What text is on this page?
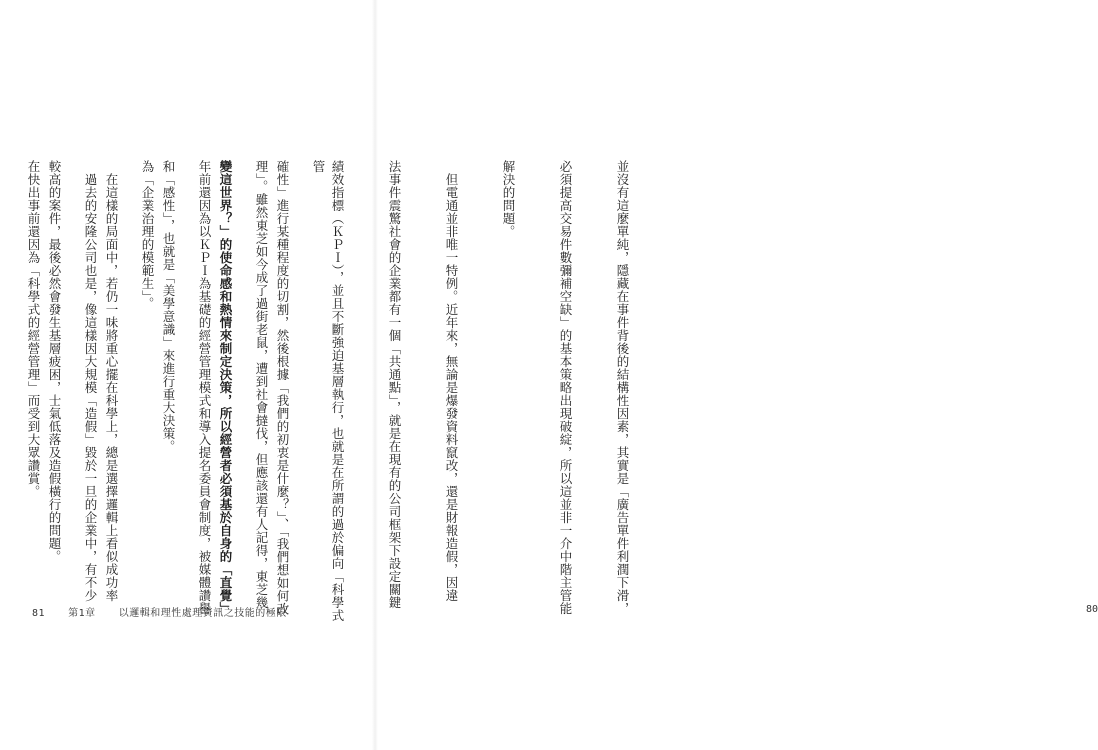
確性」進行某種程度的切割，然後根據「我們的初衷是什麼？」、「我們想如何改

變這世界？」的使命感和熱情來制定決策，所以經營者必須基於自身的「直覺」

和「感性」，也就是「美學意識」來進行重大決策。

　在這樣的局面中，若仍一味將重心擺在科學上，總是選擇邏輯上看似成功率

較高的案件，最後必然會發生基層疲困，士氣低落及造假橫行的問題。

81 第1章 以邏輯和理性處理資訊之技能的極限

	並沒有這麼單純，隱藏在事件背後的結構性因素，其實是「廣告單件利潤下滑，

必須提高交易件數彌補空缺」的基本策略出現破綻，所以這並非一介中階主管能

解決的問題。

　但電通並非唯一特例。近年來，無論是爆發資料竄改，還是財報造假，因違

法事件震驚社會的企業都有一個「共通點」，就是在現有的公司框架下設定關鍵

績效指標（ＫＰＩ），並且不斷強迫基層執行，也就是在所謂的過於偏向「科學式管

理」。雖然東芝如今成了過街老鼠，遭到社會撻伐，但應該還有人記得，東芝幾

年前還因為以ＫＰＩ為基礎的經營管理模式和導入提名委員會制度，被媒體讚譽

為「企業治理的模範生」。

　過去的安隆公司也是，像這樣因大規模「造假」毀於一旦的企業中，有不少

在快出事前還因為「科學式的經營管理」而受到大眾讚賞。

80
